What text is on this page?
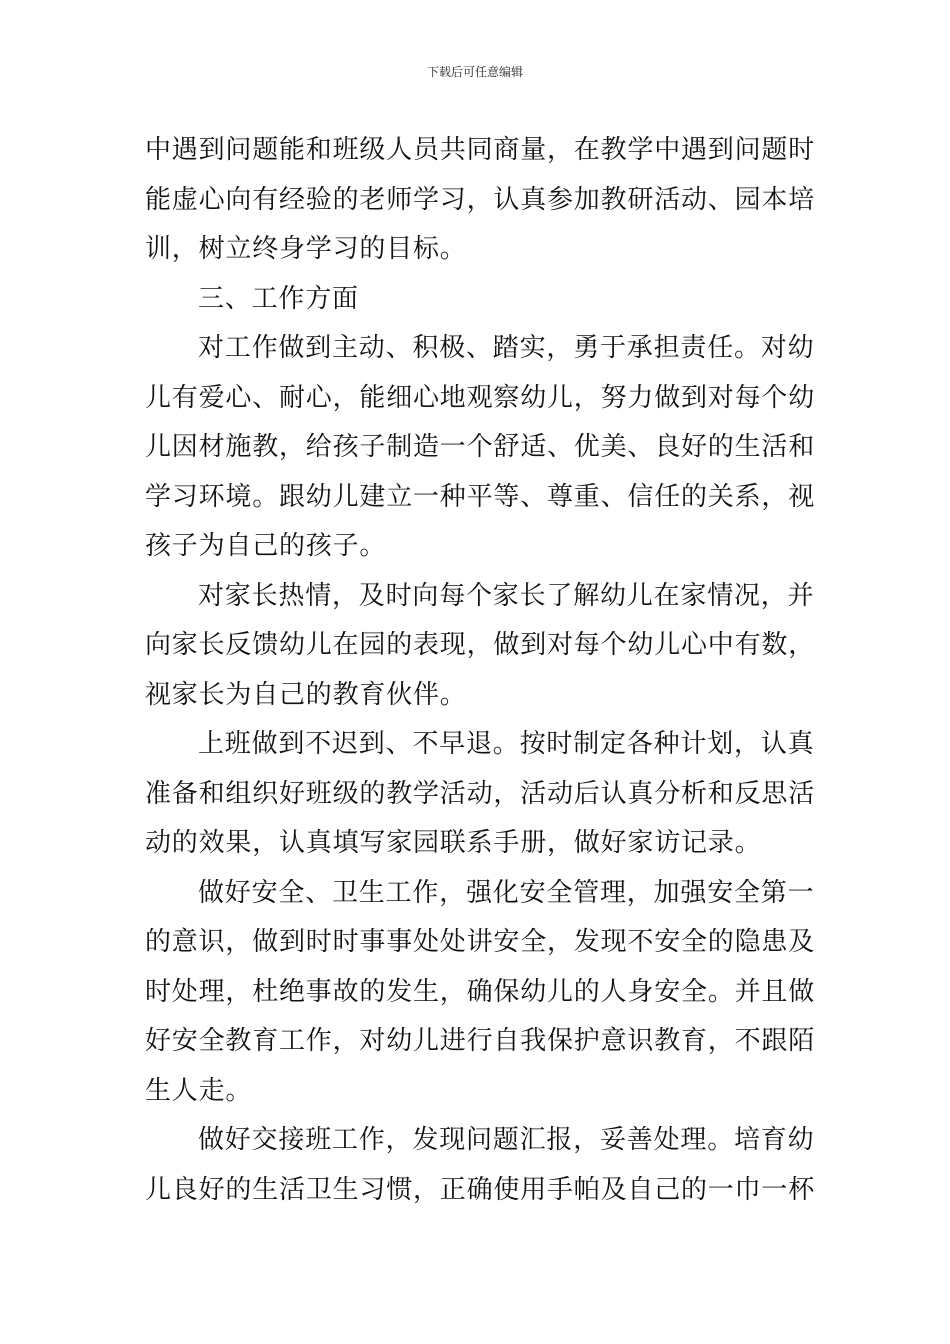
下载后可任意编辑

中遇到问题能和班级人员共同商量，在教学中遇到问题时
能虚心向有经验的老师学习，认真参加教研活动、园本培
训，树立终身学习的目标。

三、工作方面

对工作做到主动、积极、踏实，勇于承担责任。对幼
儿有爱心、耐心，能细心地观察幼儿，努力做到对每个幼
儿因材施教，给孩子制造一个舒适、优美、良好的生活和
学习环境。跟幼儿建立一种平等、尊重、信任的关系，视
孩子为自己的孩子。

对家长热情，及时向每个家长了解幼儿在家情况，并
向家长反馈幼儿在园的表现，做到对每个幼儿心中有数，
视家长为自己的教育伙伴。

上班做到不迟到、不早退。按时制定各种计划，认真
准备和组织好班级的教学活动，活动后认真分析和反思活
动的效果，认真填写家园联系手册，做好家访记录。

做好安全、卫生工作，强化安全管理，加强安全第一
的意识，做到时时事事处处讲安全，发现不安全的隐患及
时处理，杜绝事故的发生，确保幼儿的人身安全。并且做
好安全教育工作，对幼儿进行自我保护意识教育，不跟陌
生人走。

做好交接班工作，发现问题汇报，妥善处理。培育幼
儿良好的生活卫生习惯，正确使用手帕及自己的一巾一杯
